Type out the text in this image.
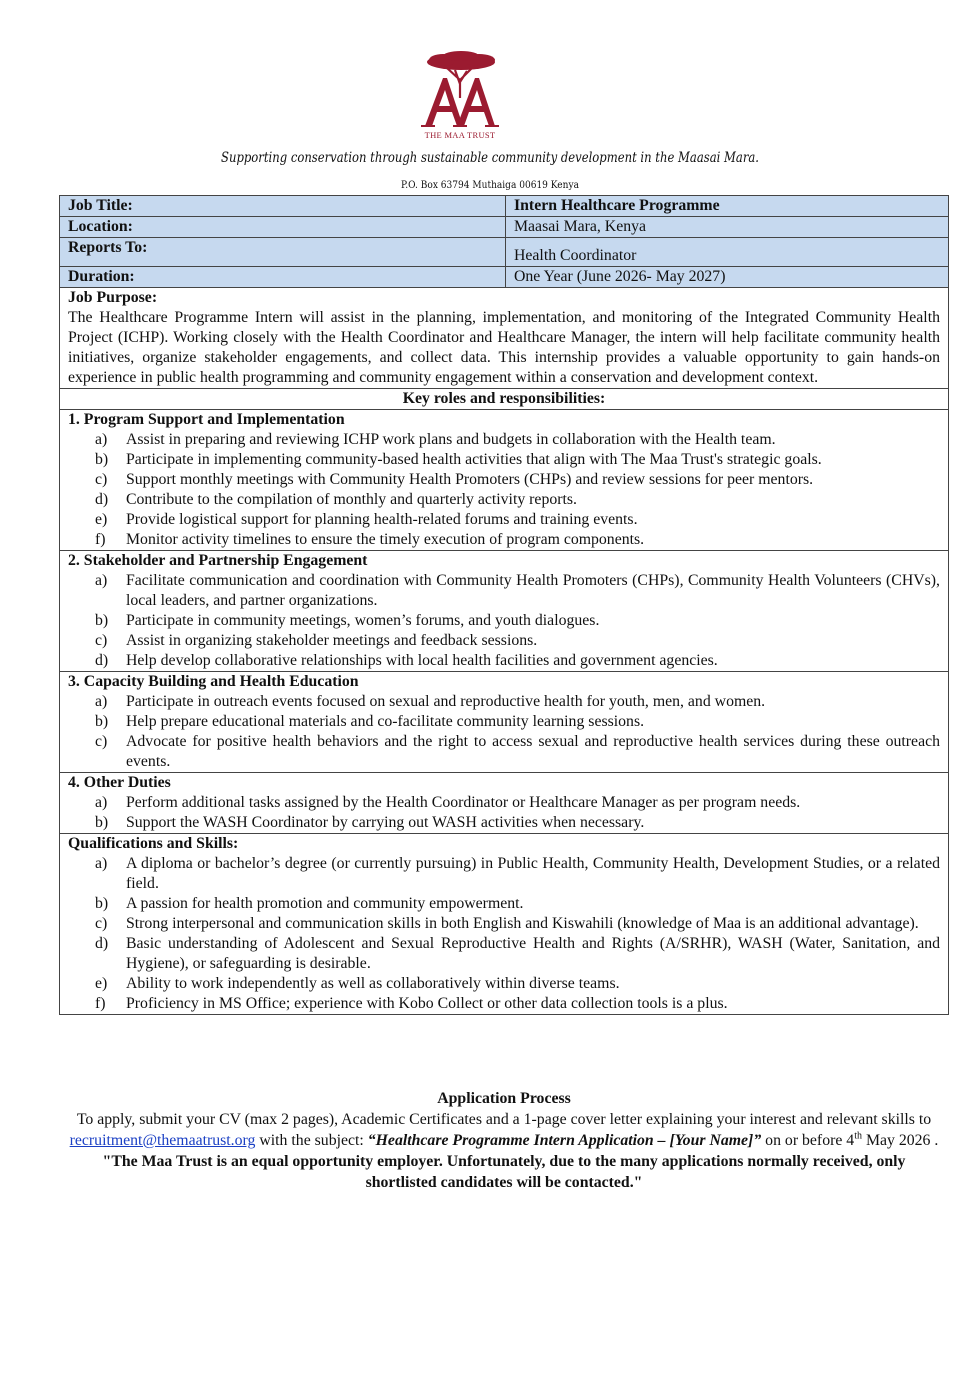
THE MAA TRUST
Supporting conservation through sustainable community development in the Maasai Mara.
P.O. Box 63794 Muthaiga 00619 Kenya
Job Title:	Intern Healthcare Programme
Location:	Maasai Mara, Kenya
Reports To:	Health Coordinator
Duration:	One Year (June 2026- May 2027)

Job Purpose:
The Healthcare Programme Intern will assist in the planning, implementation, and monitoring of the Integrated Community Health Project (ICHP). Working closely with the Health Coordinator and Healthcare Manager, the intern will help facilitate community health initiatives, organize stakeholder engagements, and collect data. This internship provides a valuable opportunity to gain hands-on experience in public health programming and community engagement within a conservation and development context.	

Key roles and responsibilities:	

1. Program Support and Implementation
a) Assist in preparing and reviewing ICHP work plans and budgets in collaboration with the Health team.
b) Participate in implementing community-based health activities that align with The Maa Trust's strategic goals.
c) Support monthly meetings with Community Health Promoters (CHPs) and review sessions for peer mentors.
d) Contribute to the compilation of monthly and quarterly activity reports.
e) Provide logistical support for planning health-related forums and training events.
f) Monitor activity timelines to ensure the timely execution of program components.

2. Stakeholder and Partnership Engagement
a) Facilitate communication and coordination with Community Health Promoters (CHPs), Community Health Volunteers (CHVs), local leaders, and partner organizations.
b) Participate in community meetings, women’s forums, and youth dialogues.
c) Assist in organizing stakeholder meetings and feedback sessions.
d) Help develop collaborative relationships with local health facilities and government agencies.

3. Capacity Building and Health Education
a) Participate in outreach events focused on sexual and reproductive health for youth, men, and women.
b) Help prepare educational materials and co-facilitate community learning sessions.
c) Advocate for positive health behaviors and the right to access sexual and reproductive health services during these outreach events.

4. Other Duties
a) Perform additional tasks assigned by the Health Coordinator or Healthcare Manager as per program needs.
b) Support the WASH Coordinator by carrying out WASH activities when necessary.

Qualifications and Skills:
a) A diploma or bachelor’s degree (or currently pursuing) in Public Health, Community Health, Development Studies, or a related field.
b) A passion for health promotion and community empowerment.
c) Strong interpersonal and communication skills in both English and Kiswahili (knowledge of Maa is an additional advantage).
d) Basic understanding of Adolescent and Sexual Reproductive Health and Rights (A/SRHR), WASH (Water, Sanitation, and Hygiene), or safeguarding is desirable.
e) Ability to work independently as well as collaboratively within diverse teams.
f) Proficiency in MS Office; experience with Kobo Collect or other data collection tools is a plus.
Application Process
To apply, submit your CV (max 2 pages), Academic Certificates and a 1-page cover letter explaining your interest and relevant skills to recruitment@themaatrust.org with the subject: “Healthcare Programme Intern Application – [Your Name]” on or before 4th May 2026 .
"The Maa Trust is an equal opportunity employer. Unfortunately, due to the many applications normally received, only shortlisted candidates will be contacted."
